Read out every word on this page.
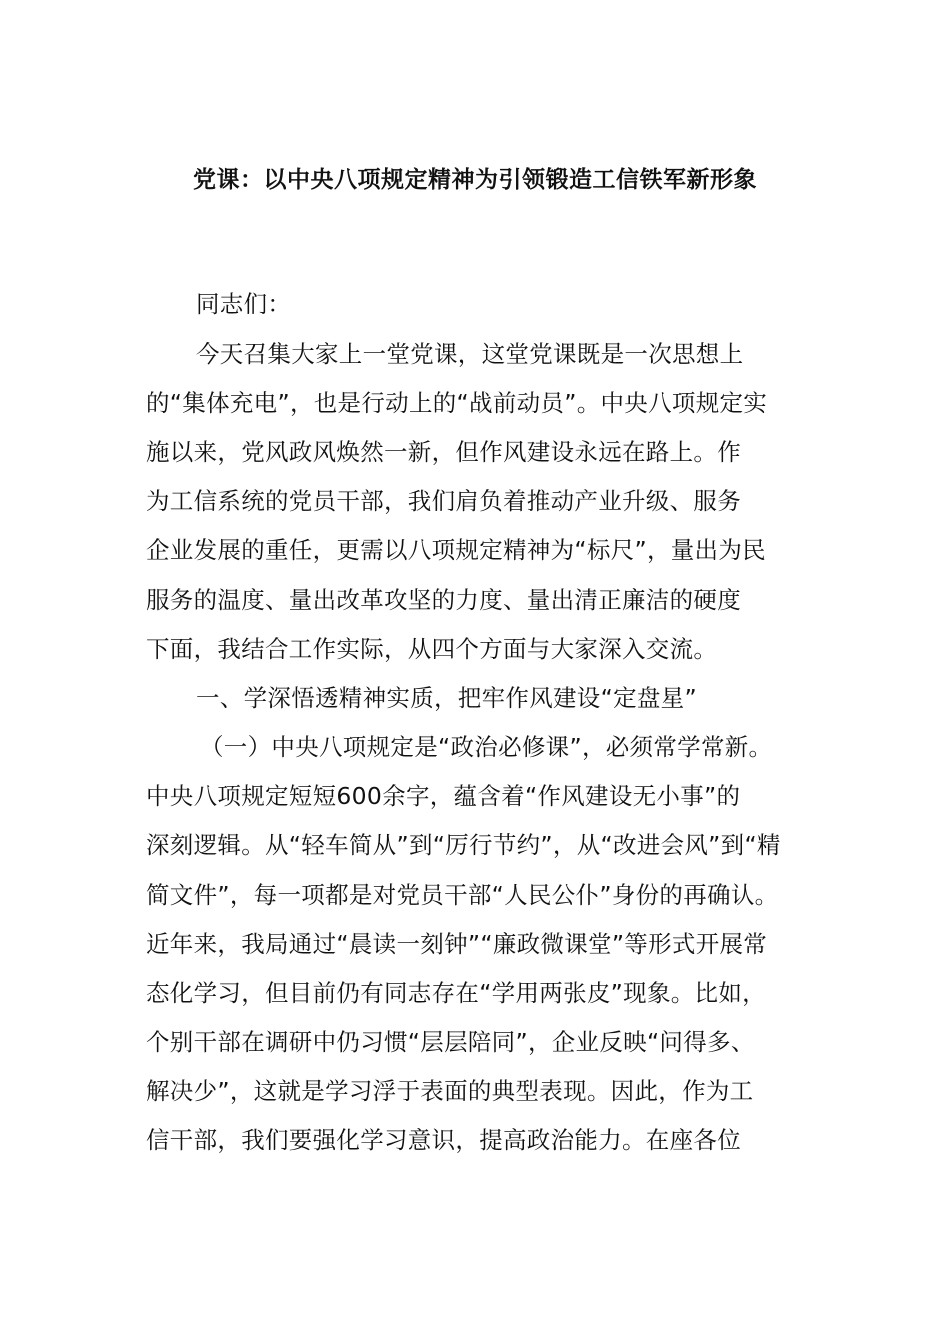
党课：以中央八项规定精神为引领锻造工信铁军新形象
同志们：
今天召集大家上一堂党课，这堂党课既是一次思想上
的“集体充电”，也是行动上的“战前动员”。中央八项规定实
施以来，党风政风焕然一新，但作风建设永远在路上。作
为工信系统的党员干部，我们肩负着推动产业升级、服务
企业发展的重任，更需以八项规定精神为“标尺”，量出为民
服务的温度、量出改革攻坚的力度、量出清正廉洁的硬度
下面，我结合工作实际，从四个方面与大家深入交流。
一、学深悟透精神实质，把牢作风建设“定盘星”
（一）中央八项规定是“政治必修课”，必须常学常新。
中央八项规定短短600余字，蕴含着“作风建设无小事”的
深刻逻辑。从“轻车简从”到“厉行节约”，从“改进会风”到“精
简文件”，每一项都是对党员干部“人民公仆”身份的再确认。
近年来，我局通过“晨读一刻钟”“廉政微课堂”等形式开展常
态化学习，但目前仍有同志存在“学用两张皮”现象。比如，
个别干部在调研中仍习惯“层层陪同”，企业反映“问得多、
解决少”，这就是学习浮于表面的典型表现。因此，作为工
信干部，我们要强化学习意识，提高政治能力。在座各位
